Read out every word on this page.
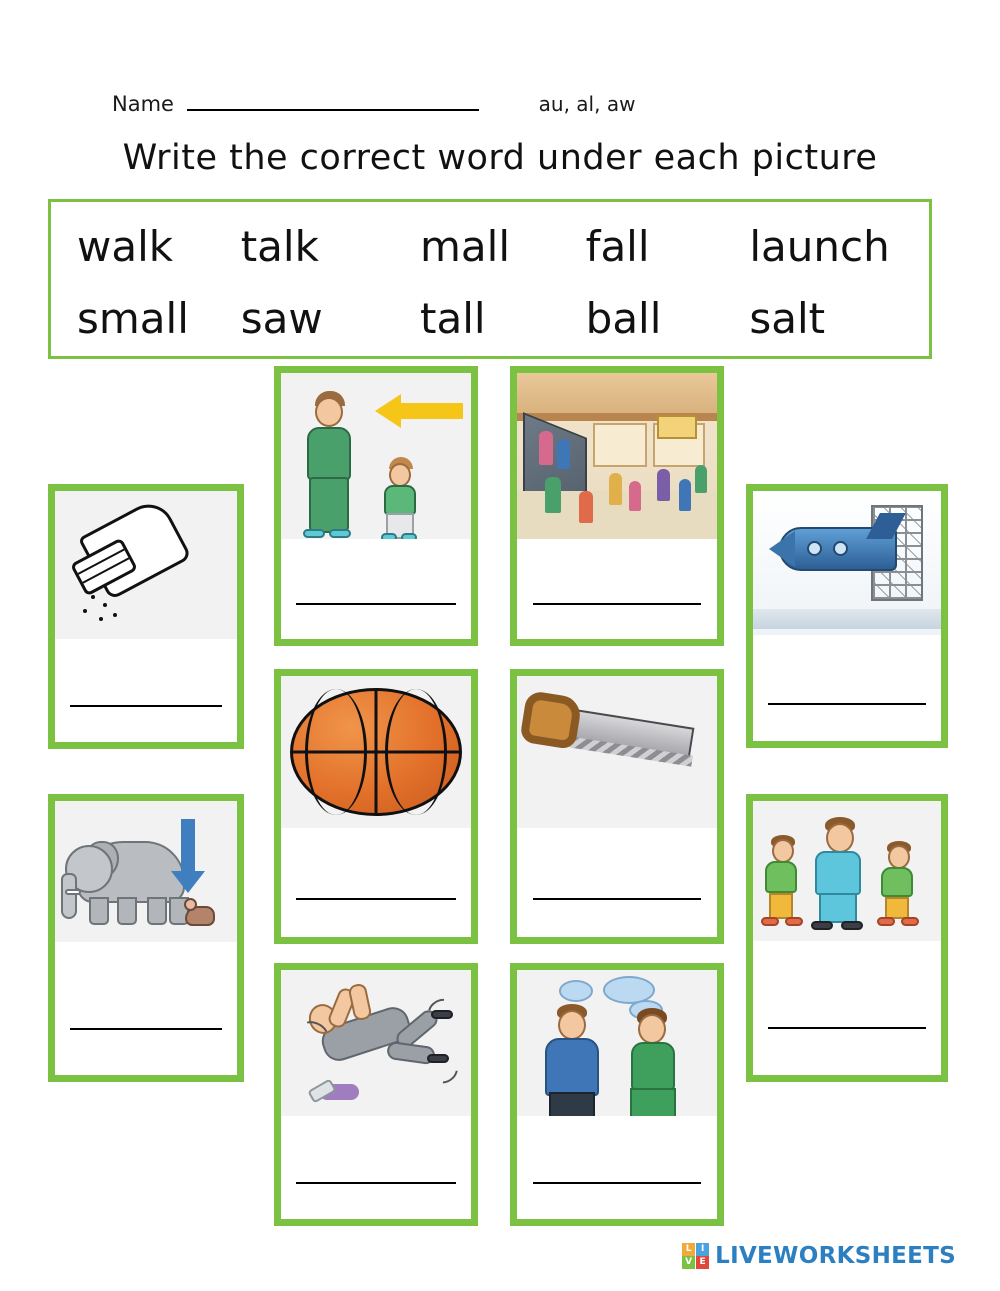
Name	au, al, aw
Write the correct word under each picture
walk	talk	mall	fall	launch
small	saw	tall	ball	salt
L
V
I
E LIVEWORKSHEETS
